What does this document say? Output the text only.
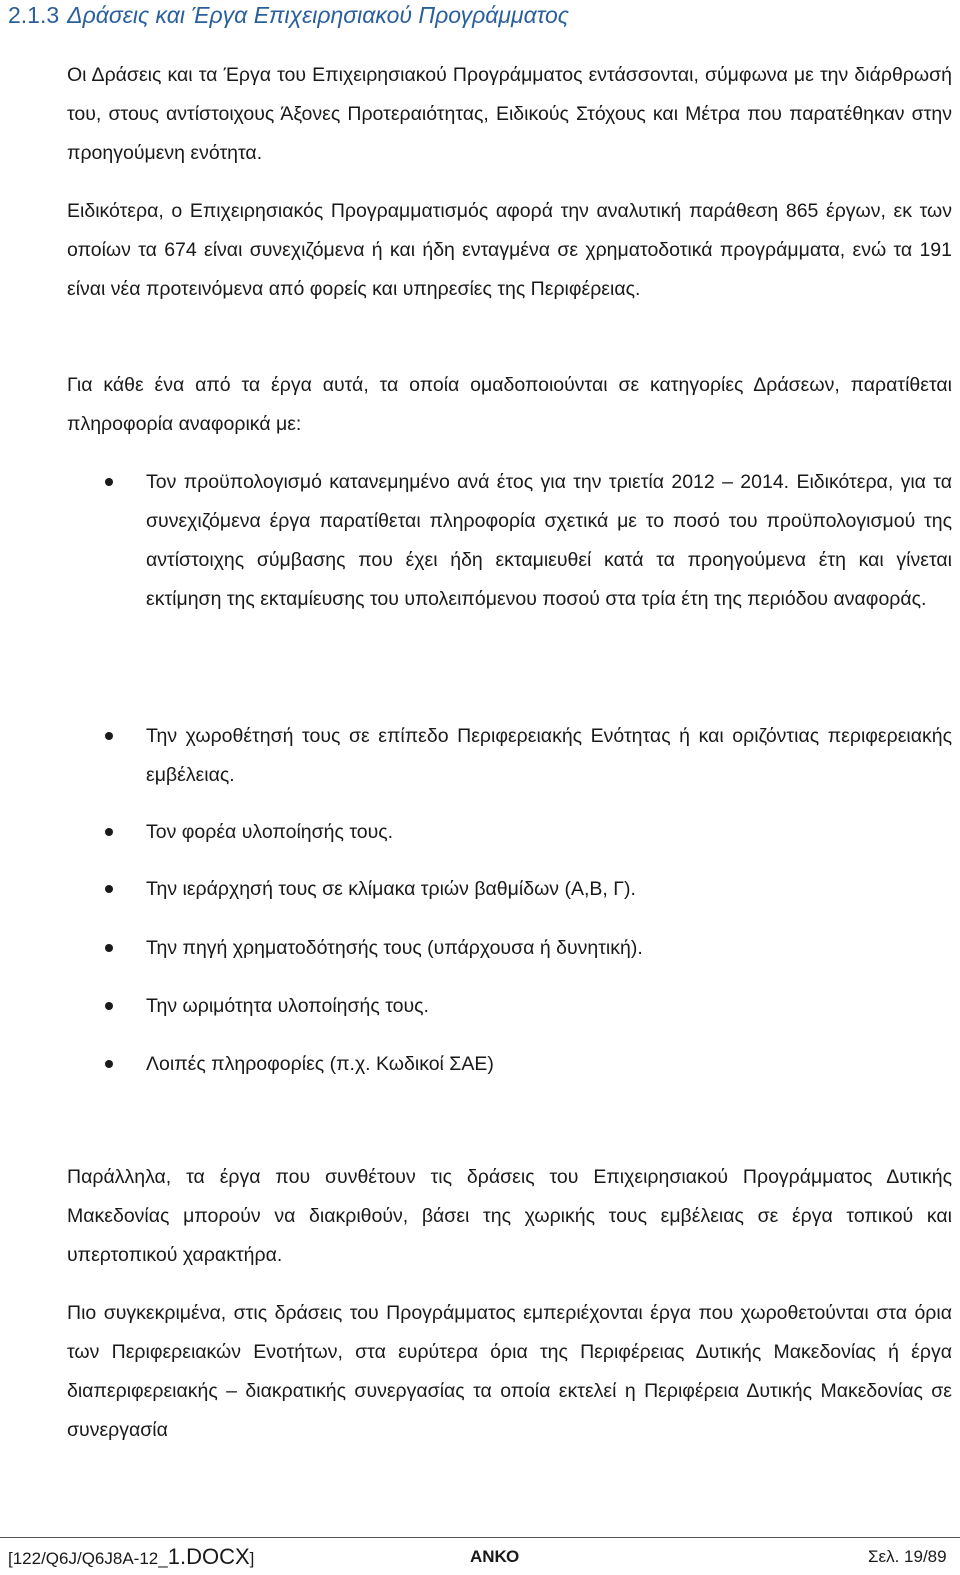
2.1.3 Δράσεις και Έργα Επιχειρησιακού Προγράμματος
Οι Δράσεις και τα Έργα του Επιχειρησιακού Προγράμματος εντάσσονται, σύμφωνα με την διάρθρωσή του, στους αντίστοιχους Άξονες Προτεραιότητας, Ειδικούς Στόχους και Μέτρα που παρατέθηκαν στην προηγούμενη ενότητα.
Ειδικότερα, ο Επιχειρησιακός Προγραμματισμός αφορά την αναλυτική παράθεση 865 έργων, εκ των οποίων τα 674 είναι συνεχιζόμενα ή και ήδη ενταγμένα σε χρηματοδοτικά προγράμματα, ενώ τα 191 είναι νέα προτεινόμενα από φορείς και υπηρεσίες της Περιφέρειας.
Για κάθε ένα από τα έργα αυτά, τα οποία ομαδοποιούνται σε κατηγορίες Δράσεων, παρατίθεται πληροφορία αναφορικά με:
Τον προϋπολογισμό κατανεμημένο ανά έτος για την τριετία 2012 – 2014. Ειδικότερα, για τα συνεχιζόμενα έργα παρατίθεται πληροφορία σχετικά με το ποσό του προϋπολογισμού της αντίστοιχης σύμβασης που έχει ήδη εκταμιευθεί κατά τα προηγούμενα έτη και γίνεται εκτίμηση της εκταμίευσης του υπολειπόμενου ποσού στα τρία έτη της περιόδου αναφοράς.
Την χωροθέτησή τους σε επίπεδο Περιφερειακής Ενότητας ή και οριζόντιας περιφερειακής εμβέλειας.
Τον φορέα υλοποίησής τους.
Την ιεράρχησή τους σε κλίμακα τριών βαθμίδων (Α,Β, Γ).
Την πηγή χρηματοδότησής τους (υπάρχουσα ή δυνητική).
Την ωριμότητα υλοποίησής τους.
Λοιπές πληροφορίες (π.χ. Κωδικοί ΣΑΕ)
Παράλληλα, τα έργα που συνθέτουν τις δράσεις του Επιχειρησιακού Προγράμματος Δυτικής Μακεδονίας μπορούν να διακριθούν, βάσει της χωρικής τους εμβέλειας σε έργα τοπικού και υπερτοπικού χαρακτήρα.
Πιο συγκεκριμένα, στις δράσεις του Προγράμματος εμπεριέχονται έργα που χωροθετούνται στα όρια των Περιφερειακών Ενοτήτων, στα ευρύτερα όρια της Περιφέρειας Δυτικής Μακεδονίας ή έργα διαπεριφερειακής – διακρατικής συνεργασίας τα οποία εκτελεί η Περιφέρεια Δυτικής Μακεδονίας σε συνεργασία
[122/Q6J/Q6J8A-12_1.DOCX]	ΑΝΚΟ	Σελ. 19/89
